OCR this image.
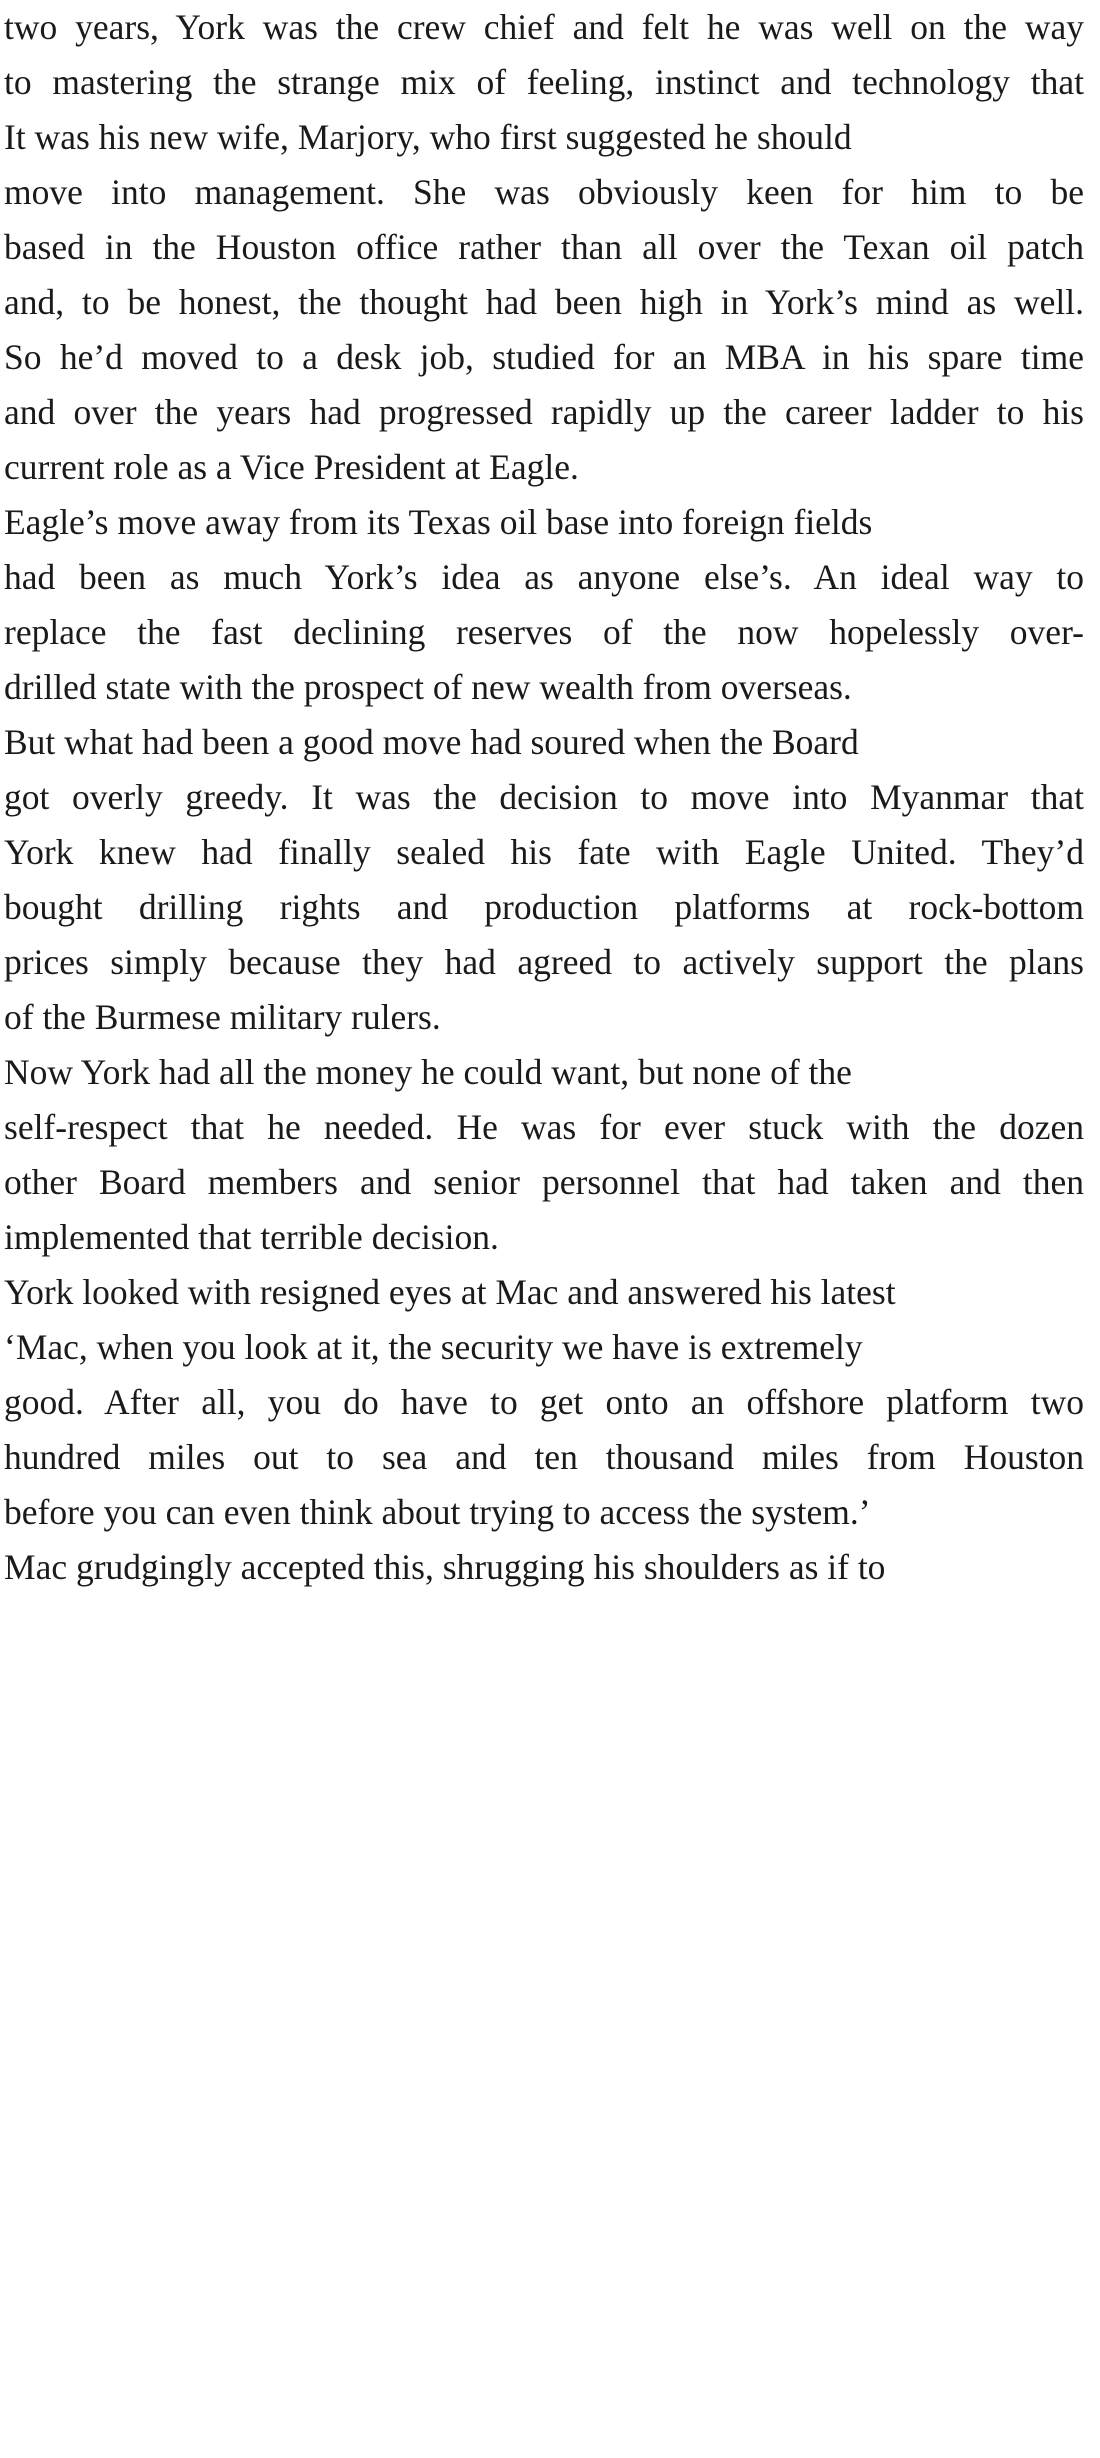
two years, York was the crew chief and felt he was well on the way
to mastering the strange mix of feeling, instinct and technology that
It was his new wife, Marjory, who first suggested he should
move into management. She was obviously keen for him to be
based in the Houston office rather than all over the Texan oil patch
and, to be honest, the thought had been high in York’s mind as well.
So he’d moved to a desk job, studied for an MBA in his spare time
and over the years had progressed rapidly up the career ladder to his
current role as a Vice President at Eagle.
Eagle’s move away from its Texas oil base into foreign fields
had been as much York’s idea as anyone else’s. An ideal way to
replace the fast declining reserves of the now hopelessly over-
drilled state with the prospect of new wealth from overseas.
But what had been a good move had soured when the Board
got overly greedy. It was the decision to move into Myanmar that
York knew had finally sealed his fate with Eagle United. They’d
bought drilling rights and production platforms at rock-bottom
prices simply because they had agreed to actively support the plans
of the Burmese military rulers.
Now York had all the money he could want, but none of the
self-respect that he needed. He was for ever stuck with the dozen
other Board members and senior personnel that had taken and then
implemented that terrible decision.
York looked with resigned eyes at Mac and answered his latest
‘Mac, when you look at it, the security we have is extremely
good. After all, you do have to get onto an offshore platform two
hundred miles out to sea and ten thousand miles from Houston
before you can even think about trying to access the system.’
Mac grudgingly accepted this, shrugging his shoulders as if to
